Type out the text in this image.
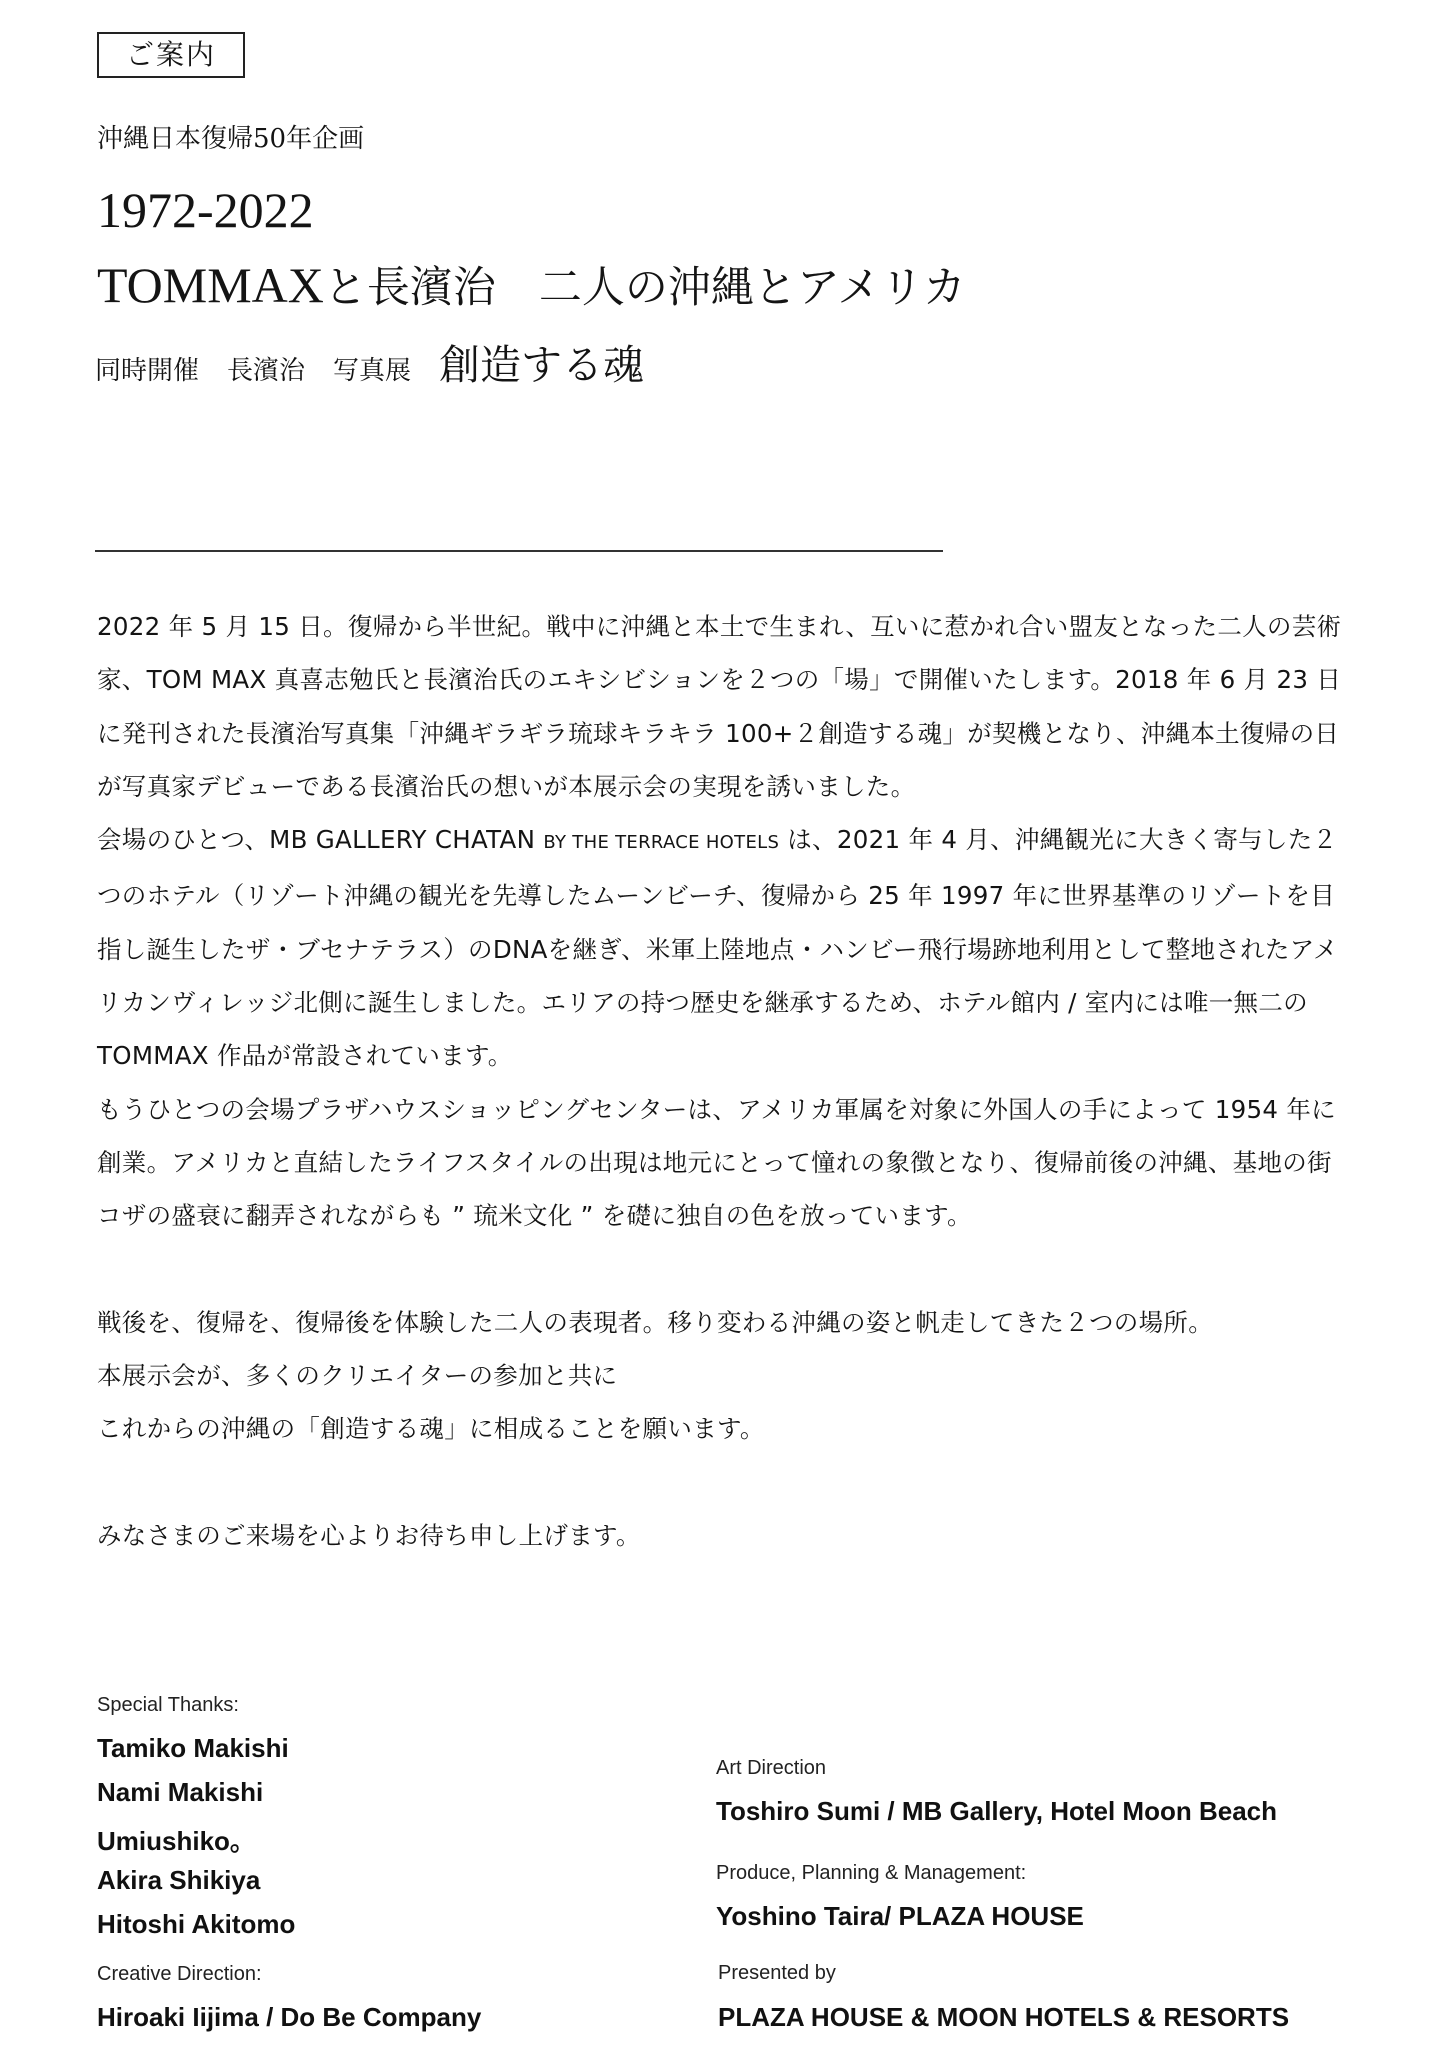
ご案内
沖縄日本復帰50年企画
1972-2022
TOMMAXと長濱治　二人の沖縄とアメリカ
同時開催 長濱治 写真展 創造する魂

2022 年 5 月 15 日。復帰から半世紀。戦中に沖縄と本土で生まれ、互いに惹かれ合い盟友となった二人の芸術家、TOM MAX 真喜志勉氏と長濱治氏のエキシビションを２つの「場」で開催いたします。2018 年 6 月 23 日に発刊された長濱治写真集「沖縄ギラギラ琉球キラキラ 100+２創造する魂」が契機となり、沖縄本土復帰の日が写真家デビューである長濱治氏の想いが本展示会の実現を誘いました。

会場のひとつ、MB GALLERY CHATAN BY THE TERRACE HOTELS は、2021 年 4 月、沖縄観光に大きく寄与した２つのホテル（リゾート沖縄の観光を先導したムーンビーチ、復帰から 25 年 1997 年に世界基準のリゾートを目指し誕生したザ・ブセナテラス）のDNAを継ぎ、米軍上陸地点・ハンビー飛行場跡地利用として整地されたアメリカンヴィレッジ北側に誕生しました。エリアの持つ歴史を継承するため、ホテル館内 / 室内には唯一無二の TOMMAX 作品が常設されています。

もうひとつの会場プラザハウスショッピングセンターは、アメリカ軍属を対象に外国人の手によって 1954 年に創業。アメリカと直結したライフスタイルの出現は地元にとって憧れの象徴となり、復帰前後の沖縄、基地の街コザの盛衰に翻弄されながらも ” 琉米文化 ” を礎に独自の色を放っています。

戦後を、復帰を、復帰後を体験した二人の表現者。移り変わる沖縄の姿と帆走してきた２つの場所。

本展示会が、多くのクリエイターの参加と共に

これからの沖縄の「創造する魂」に相成ることを願います。

みなさまのご来場を心よりお待ち申し上げます。

Special Thanks:
Tamiko Makishi
Nami Makishi
Umiushiko。
Akira Shikiya
Hitoshi Akitomo
Creative Direction:
Hiroaki Iijima / Do Be Company
Art Direction
Toshiro Sumi / MB Gallery, Hotel Moon Beach
Produce, Planning & Management:
Yoshino Taira/ PLAZA HOUSE
Presented by
PLAZA HOUSE & MOON HOTELS & RESORTS
